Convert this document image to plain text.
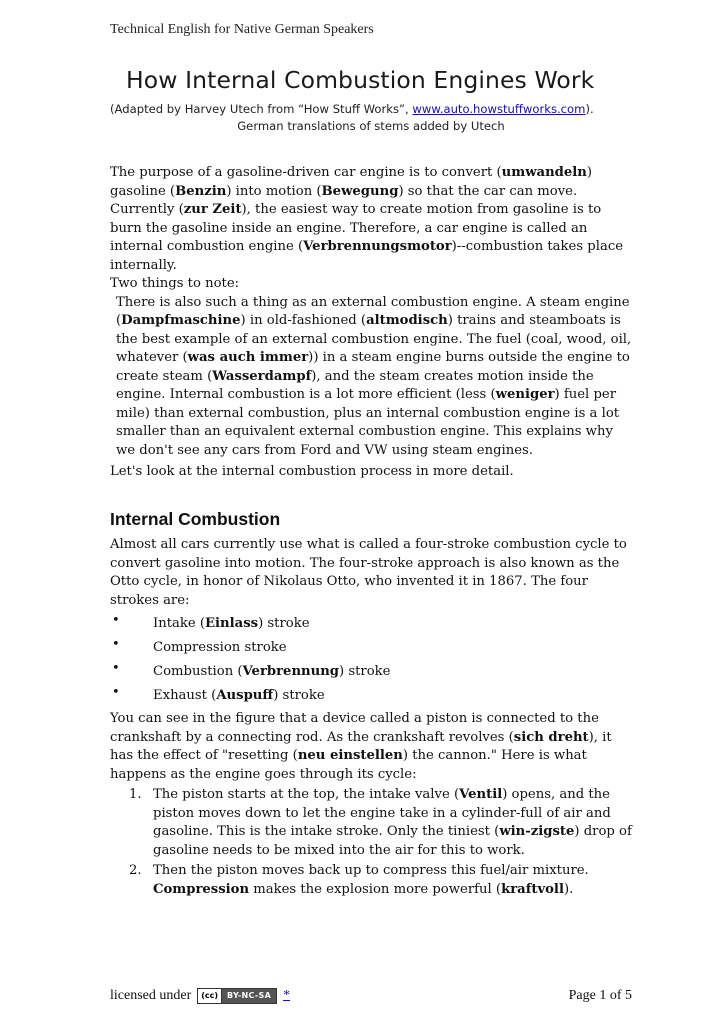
Technical English for Native German Speakers
How Internal Combustion Engines Work
(Adapted by Harvey Utech from “How Stuff Works”, www.auto.howstuffworks.com).
German translations of stems added by Utech

The purpose of a gasoline-driven car engine is to convert (umwandeln) gasoline (Benzin) into motion (Bewegung) so that the car can move. Currently (zur Zeit), the easiest way to create motion from gasoline is to burn the gasoline inside an engine. Therefore, a car engine is called an internal combustion engine (Verbrennungsmotor)--combustion takes place internally.

Two things to note:

There is also such a thing as an external combustion engine. A steam engine (Dampfmaschine) in old-fashioned (altmodisch) trains and steamboats is the best example of an external combustion engine. The fuel (coal, wood, oil, whatever (was auch immer)) in a steam engine burns outside the engine to create steam (Wasserdampf), and the steam creates motion inside the engine. Internal combustion is a lot more efficient (less (weniger) fuel per mile) than external combustion, plus an internal combustion engine is a lot smaller than an equivalent external combustion engine. This explains why we don't see any cars from Ford and VW using steam engines.

Let's look at the internal combustion process in more detail.

Internal Combustion

Almost all cars currently use what is called a four-stroke combustion cycle to convert gasoline into motion. The four-stroke approach is also known as the Otto cycle, in honor of Nikolaus Otto, who invented it in 1867. The four strokes are:

•	Intake (Einlass) stroke
•	Compression stroke
•	Combustion (Verbrennung) stroke
•	Exhaust (Auspuff) stroke

You can see in the figure that a device called a piston is connected to the crankshaft by a connecting rod. As the crankshaft revolves (sich dreht), it has the effect of "resetting (neu einstellen) the cannon." Here is what happens as the engine goes through its cycle:

1. The piston starts at the top, the intake valve (Ventil) opens, and the piston moves down to let the engine take in a cylinder-full of air and gasoline. This is the intake stroke. Only the tiniest (win-zigste) drop of gasoline needs to be mixed into the air for this to work.
2. Then the piston moves back up to compress this fuel/air mixture. Compression makes the explosion more powerful (kraftvoll).
licensed under	(cc)	BY-NC-SA *	Page 1 of 5
